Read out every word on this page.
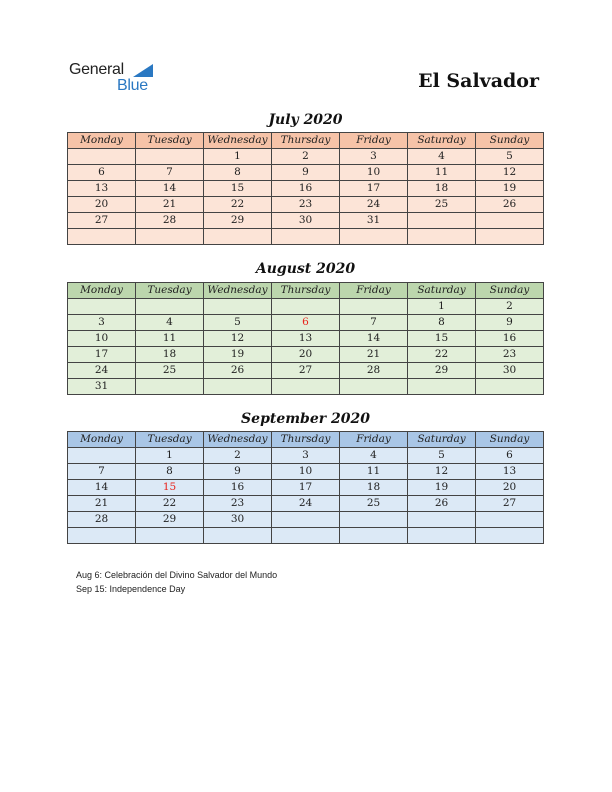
General
Blue	El Salvador
July 2020
Monday	Tuesday	Wednesday	Thursday	Friday	Saturday	Sunday
		1	2	3	4	5
6	7	8	9	10	11	12
13	14	15	16	17	18	19
20	21	22	23	24	25	26
27	28	29	30	31		

August 2020
Monday	Tuesday	Wednesday	Thursday	Friday	Saturday	Sunday
					1	2
3	4	5	6	7	8	9
10	11	12	13	14	15	16
17	18	19	20	21	22	23
24	25	26	27	28	29	30
31						
September 2020
Monday	Tuesday	Wednesday	Thursday	Friday	Saturday	Sunday
	1	2	3	4	5	6
7	8	9	10	11	12	13
14	15	16	17	18	19	20
21	22	23	24	25	26	27
28	29	30				

Aug 6: Celebración del Divino Salvador del Mundo
Sep 15: Independence Day
